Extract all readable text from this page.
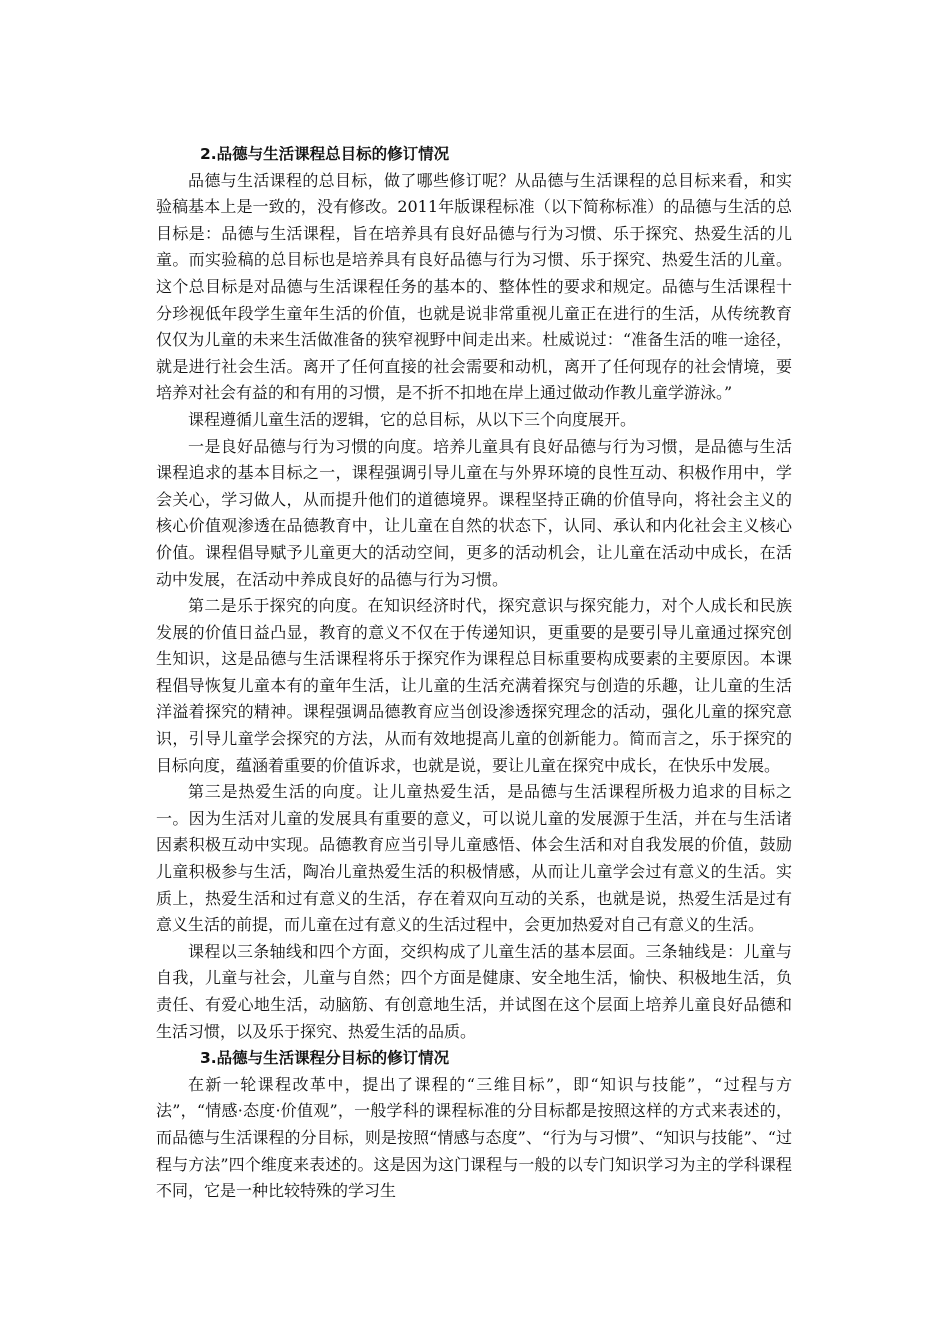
2.品德与生活课程总目标的修订情况

品德与生活课程的总目标，做了哪些修订呢？从品德与生活课程的总目标来看，和实验稿基本上是一致的，没有修改。2011年版课程标准（以下简称标准）的品德与生活的总目标是：品德与生活课程，旨在培养具有良好品德与行为习惯、乐于探究、热爱生活的儿童。而实验稿的总目标也是培养具有良好品德与行为习惯、乐于探究、热爱生活的儿童。这个总目标是对品德与生活课程任务的基本的、整体性的要求和规定。品德与生活课程十分珍视低年段学生童年生活的价值，也就是说非常重视儿童正在进行的生活，从传统教育仅仅为儿童的未来生活做准备的狭窄视野中间走出来。杜威说过：“准备生活的唯一途径，就是进行社会生活。离开了任何直接的社会需要和动机，离开了任何现存的社会情境，要培养对社会有益的和有用的习惯，是不折不扣地在岸上通过做动作教儿童学游泳。”

课程遵循儿童生活的逻辑，它的总目标，从以下三个向度展开。

一是良好品德与行为习惯的向度。培养儿童具有良好品德与行为习惯，是品德与生活课程追求的基本目标之一，课程强调引导儿童在与外界环境的良性互动、积极作用中，学会关心，学习做人，从而提升他们的道德境界。课程坚持正确的价值导向，将社会主义的核心价值观渗透在品德教育中，让儿童在自然的状态下，认同、承认和内化社会主义核心价值。课程倡导赋予儿童更大的活动空间，更多的活动机会，让儿童在活动中成长，在活动中发展，在活动中养成良好的品德与行为习惯。

第二是乐于探究的向度。在知识经济时代，探究意识与探究能力，对个人成长和民族发展的价值日益凸显，教育的意义不仅在于传递知识，更重要的是要引导儿童通过探究创生知识，这是品德与生活课程将乐于探究作为课程总目标重要构成要素的主要原因。本课程倡导恢复儿童本有的童年生活，让儿童的生活充满着探究与创造的乐趣，让儿童的生活洋溢着探究的精神。课程强调品德教育应当创设渗透探究理念的活动，强化儿童的探究意识，引导儿童学会探究的方法，从而有效地提高儿童的创新能力。简而言之，乐于探究的目标向度，蕴涵着重要的价值诉求，也就是说，要让儿童在探究中成长，在快乐中发展。

第三是热爱生活的向度。让儿童热爱生活，是品德与生活课程所极力追求的目标之一。因为生活对儿童的发展具有重要的意义，可以说儿童的发展源于生活，并在与生活诸因素积极互动中实现。品德教育应当引导儿童感悟、体会生活和对自我发展的价值，鼓励儿童积极参与生活，陶冶儿童热爱生活的积极情感，从而让儿童学会过有意义的生活。实质上，热爱生活和过有意义的生活，存在着双向互动的关系，也就是说，热爱生活是过有意义生活的前提，而儿童在过有意义的生活过程中，会更加热爱对自己有意义的生活。

课程以三条轴线和四个方面，交织构成了儿童生活的基本层面。三条轴线是：儿童与自我，儿童与社会，儿童与自然；四个方面是健康、安全地生活，愉快、积极地生活，负责任、有爱心地生活，动脑筋、有创意地生活，并试图在这个层面上培养儿童良好品德和生活习惯，以及乐于探究、热爱生活的品质。

3.品德与生活课程分目标的修订情况

在新一轮课程改革中，提出了课程的“三维目标”，即“知识与技能”，“过程与方法”，“情感·态度·价值观”，一般学科的课程标准的分目标都是按照这样的方式来表述的，而品德与生活课程的分目标，则是按照“情感与态度”、“行为与习惯”、“知识与技能”、“过程与方法”四个维度来表述的。这是因为这门课程与一般的以专门知识学习为主的学科课程不同，它是一种比较特殊的学习生
